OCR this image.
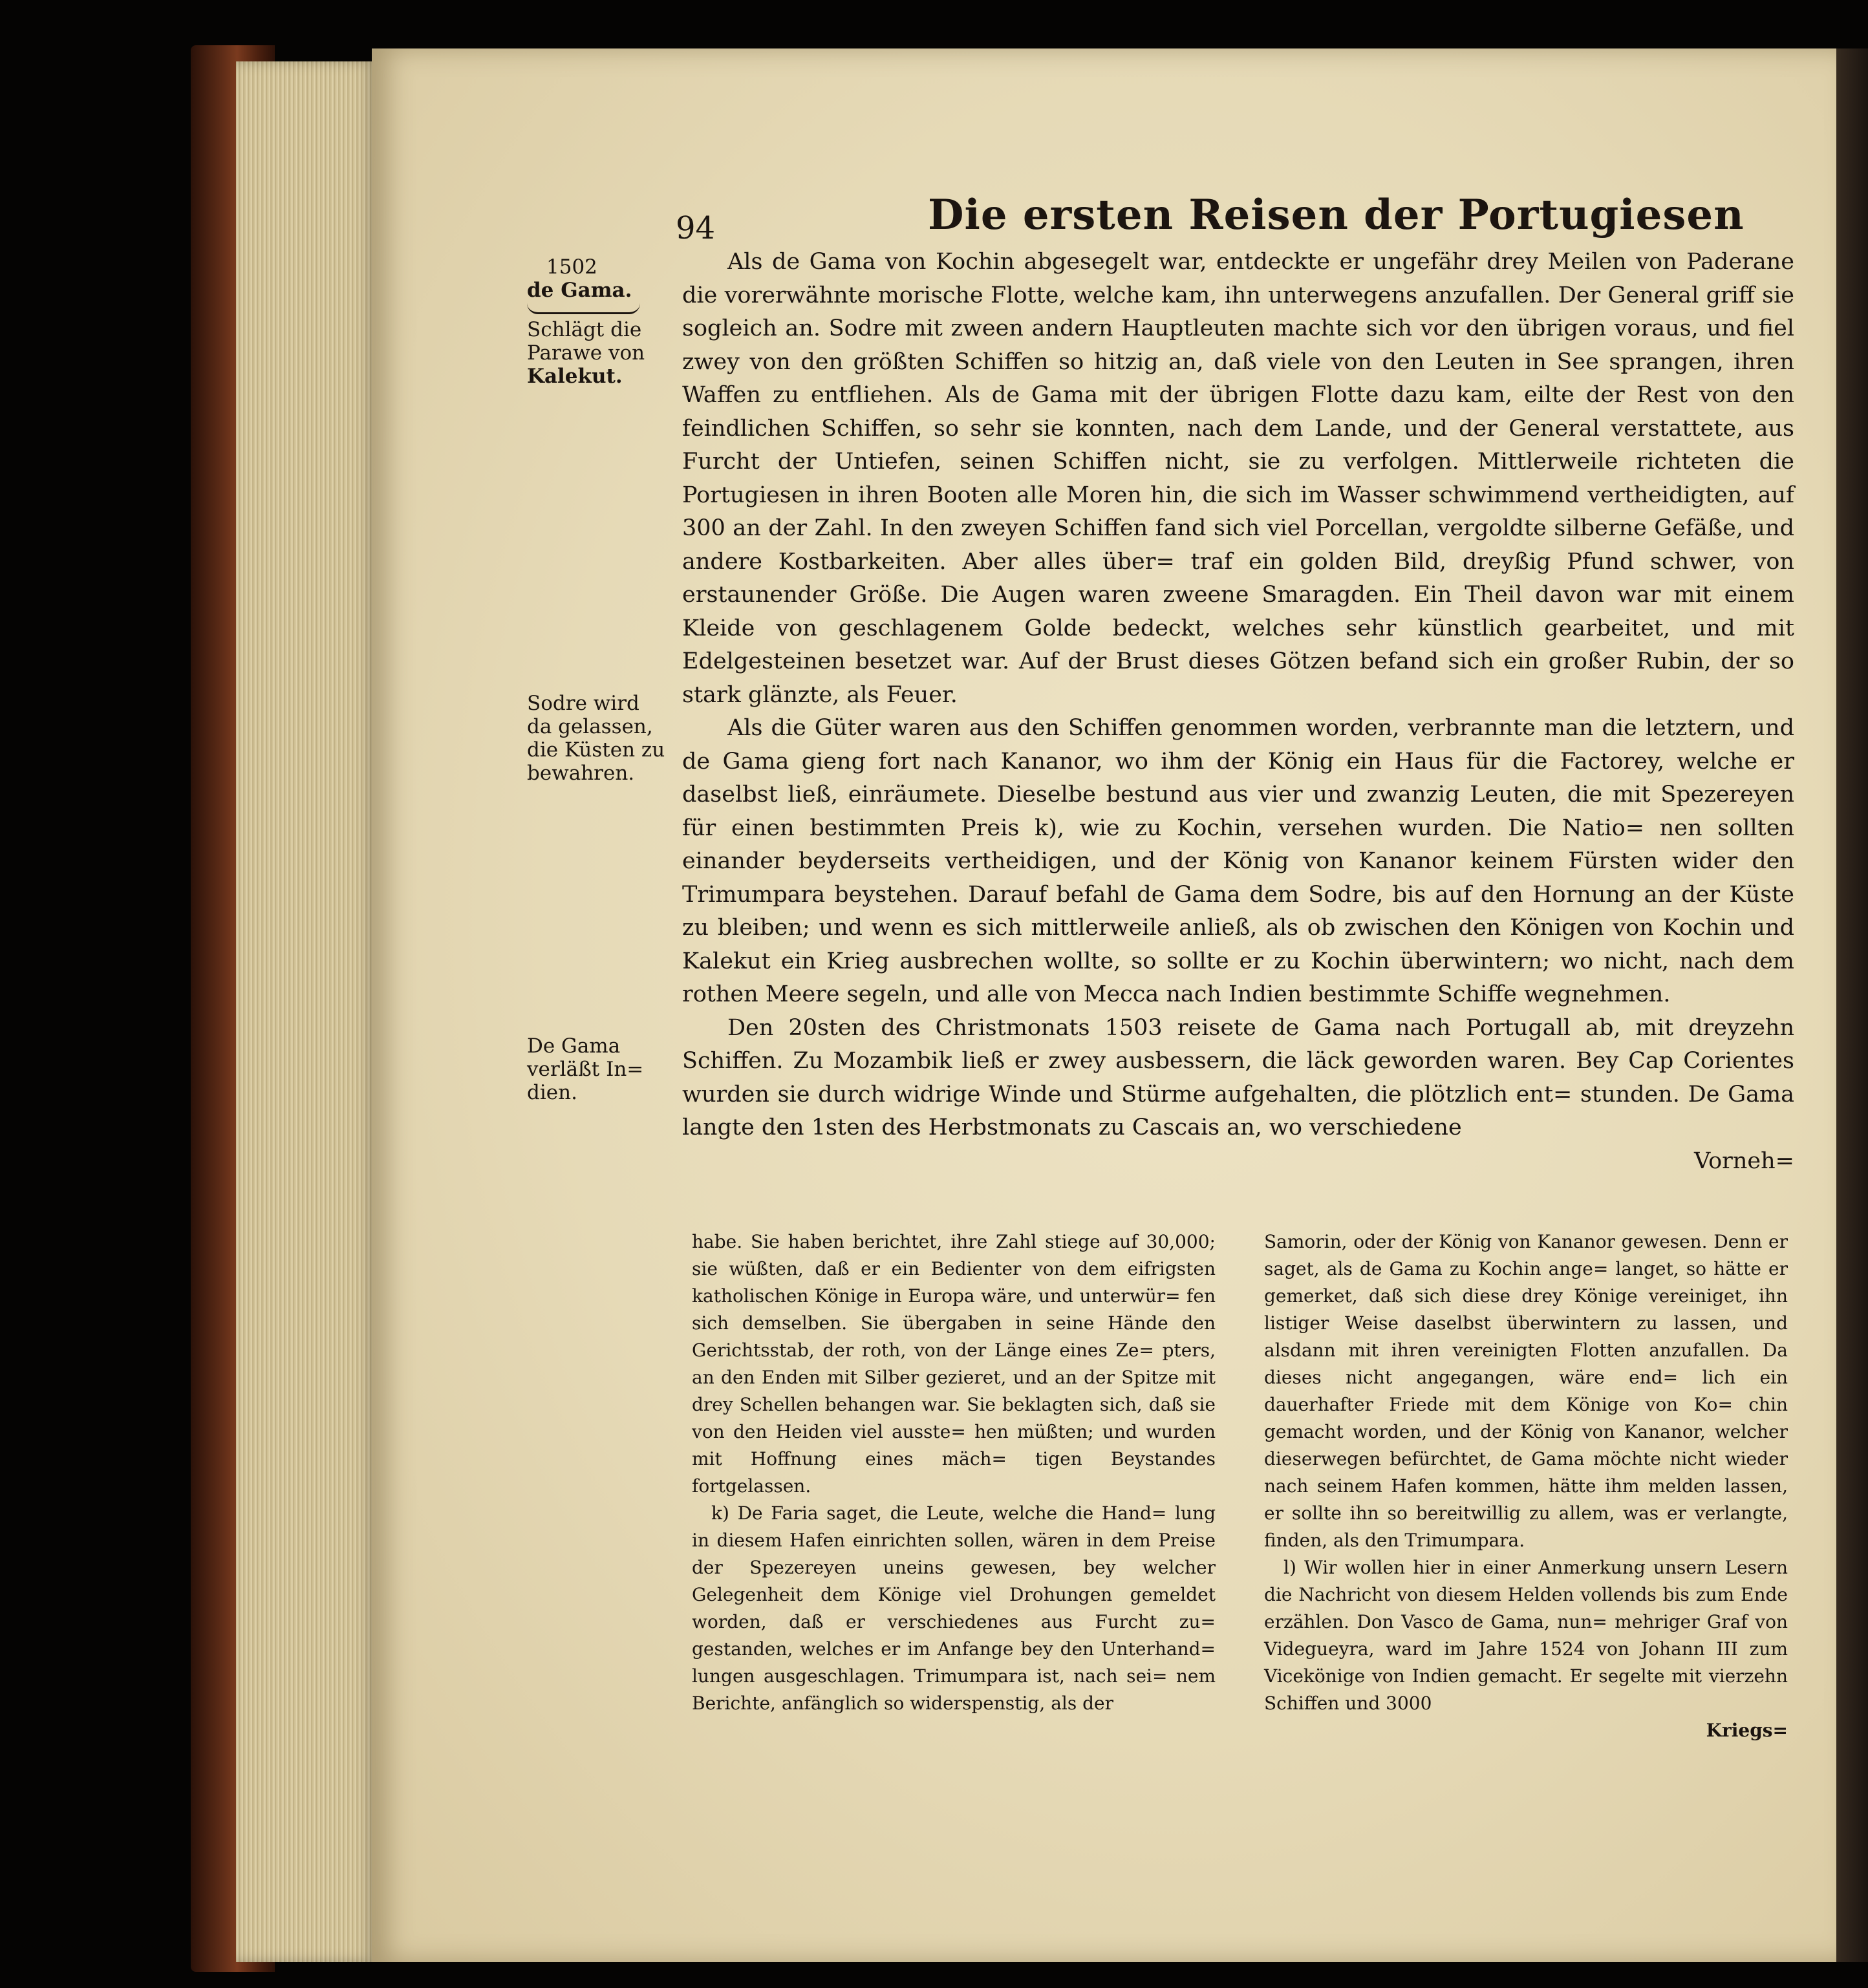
94	Die ersten Reisen der Portugiesen
1502
de Gama.
Schlägt die
Parawe von
Kalekut.
Sodre wird
da gelassen,
die Küsten zu
bewahren.
De Gama
verläßt In=
dien.

Als de Gama von Kochin abgesegelt war, entdeckte er ungefähr drey Meilen von Paderane die vorerwähnte morische Flotte, welche kam, ihn unterwegens anzufallen. Der General griff sie sogleich an. Sodre mit zween andern Hauptleuten machte sich vor den übrigen voraus, und fiel zwey von den größten Schiffen so hitzig an, daß viele von den Leuten in See sprangen, ihren Waffen zu entfliehen. Als de Gama mit der übrigen Flotte dazu kam, eilte der Rest von den feindlichen Schiffen, so sehr sie konnten, nach dem Lande, und der General verstattete, aus Furcht der Untiefen, seinen Schiffen nicht, sie zu verfolgen. Mittlerweile richteten die Portugiesen in ihren Booten alle Moren hin, die sich im Wasser schwimmend vertheidigten, auf 300 an der Zahl. In den zweyen Schiffen fand sich viel Porcellan, vergoldte silberne Gefäße, und andere Kostbarkeiten. Aber alles über= traf ein golden Bild, dreyßig Pfund schwer, von erstaunender Größe. Die Augen waren zweene Smaragden. Ein Theil davon war mit einem Kleide von geschlagenem Golde bedeckt, welches sehr künstlich gearbeitet, und mit Edelgesteinen besetzet war. Auf der Brust dieses Götzen befand sich ein großer Rubin, der so stark glänzte, als Feuer.

Als die Güter waren aus den Schiffen genommen worden, verbrannte man die letztern, und de Gama gieng fort nach Kananor, wo ihm der König ein Haus für die Factorey, welche er daselbst ließ, einräumete. Dieselbe bestund aus vier und zwanzig Leuten, die mit Spezereyen für einen bestimmten Preis k), wie zu Kochin, versehen wurden. Die Natio= nen sollten einander beyderseits vertheidigen, und der König von Kananor keinem Fürsten wider den Trimumpara beystehen. Darauf befahl de Gama dem Sodre, bis auf den Hornung an der Küste zu bleiben; und wenn es sich mittlerweile anließ, als ob zwischen den Königen von Kochin und Kalekut ein Krieg ausbrechen wollte, so sollte er zu Kochin überwintern; wo nicht, nach dem rothen Meere segeln, und alle von Mecca nach Indien bestimmte Schiffe wegnehmen.

Den 20sten des Christmonats 1503 reisete de Gama nach Portugall ab, mit dreyzehn Schiffen. Zu Mozambik ließ er zwey ausbessern, die läck geworden waren. Bey Cap Corientes wurden sie durch widrige Winde und Stürme aufgehalten, die plötzlich ent= stunden. De Gama langte den 1sten des Herbstmonats zu Cascais an, wo verschiedene

Vorneh=

habe. Sie haben berichtet, ihre Zahl stiege auf 30,000; sie wüßten, daß er ein Bedienter von dem eifrigsten katholischen Könige in Europa wäre, und unterwür= fen sich demselben. Sie übergaben in seine Hände den Gerichtsstab, der roth, von der Länge eines Ze= pters, an den Enden mit Silber gezieret, und an der Spitze mit drey Schellen behangen war. Sie beklagten sich, daß sie von den Heiden viel ausste= hen müßten; und wurden mit Hoffnung eines mäch= tigen Beystandes fortgelassen.

k) De Faria saget, die Leute, welche die Hand= lung in diesem Hafen einrichten sollen, wären in dem Preise der Spezereyen uneins gewesen, bey welcher Gelegenheit dem Könige viel Drohungen gemeldet worden, daß er verschiedenes aus Furcht zu= gestanden, welches er im Anfange bey den Unterhand= lungen ausgeschlagen. Trimumpara ist, nach sei= nem Berichte, anfänglich so widerspenstig, als der

Samorin, oder der König von Kananor gewesen. Denn er saget, als de Gama zu Kochin ange= langet, so hätte er gemerket, daß sich diese drey Könige vereiniget, ihn listiger Weise daselbst überwintern zu lassen, und alsdann mit ihren vereinigten Flotten anzufallen. Da dieses nicht angegangen, wäre end= lich ein dauerhafter Friede mit dem Könige von Ko= chin gemacht worden, und der König von Kananor, welcher dieserwegen befürchtet, de Gama möchte nicht wieder nach seinem Hafen kommen, hätte ihm melden lassen, er sollte ihn so bereitwillig zu allem, was er verlangte, finden, als den Trimumpara.

l) Wir wollen hier in einer Anmerkung unsern Lesern die Nachricht von diesem Helden vollends bis zum Ende erzählen. Don Vasco de Gama, nun= mehriger Graf von Videgueyra, ward im Jahre 1524 von Johann III zum Vicekönige von Indien gemacht. Er segelte mit vierzehn Schiffen und 3000

Kriegs=
